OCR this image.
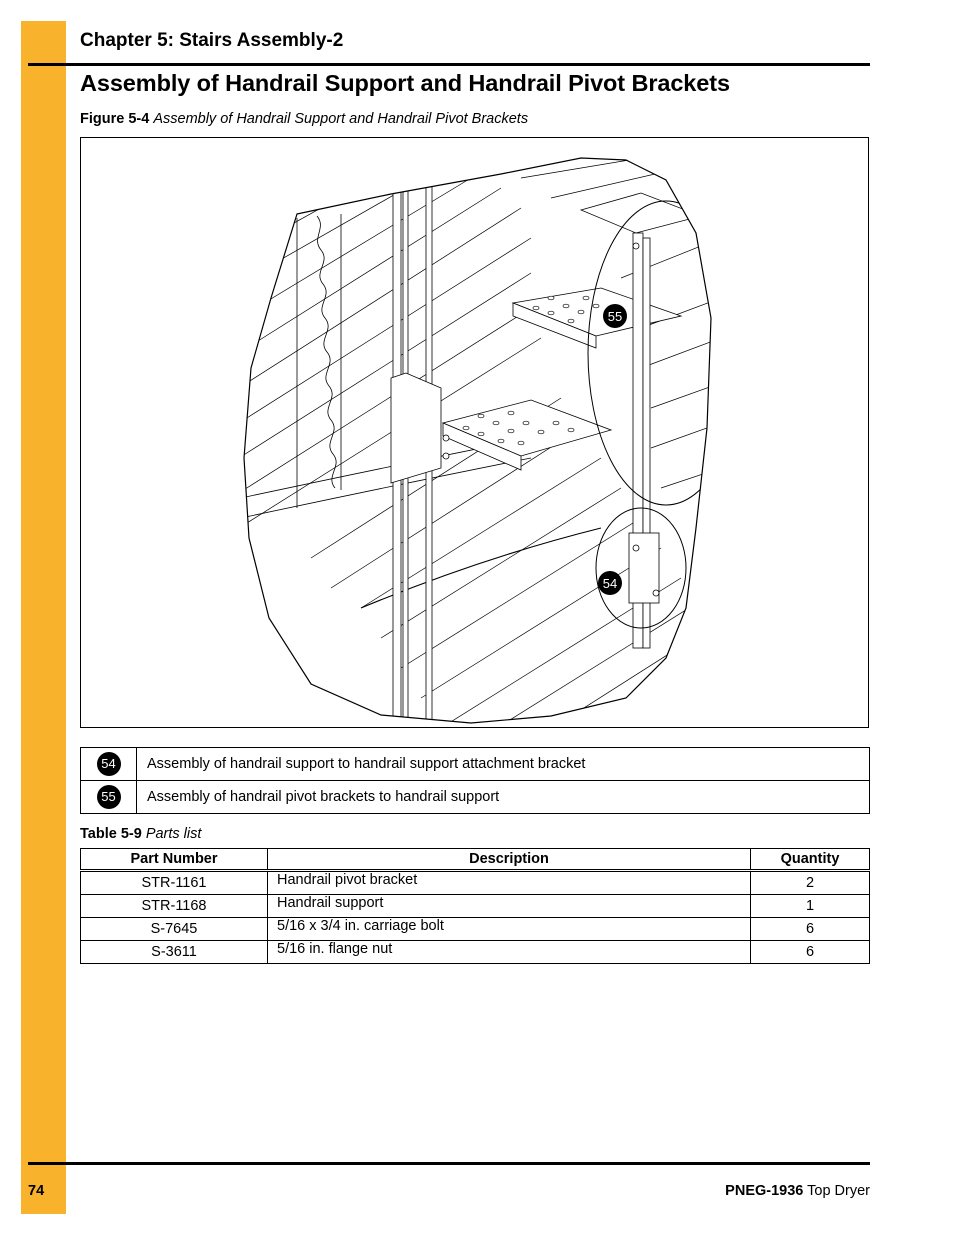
Chapter 5: Stairs Assembly-2
Assembly of Handrail Support and Handrail Pivot Brackets
Figure 5-4 Assembly of Handrail Support and Handrail Pivot Brackets
55
54
54	Assembly of handrail support to handrail support attachment bracket
55	Assembly of handrail pivot brackets to handrail support
Table 5-9 Parts list
Part Number	Description	Quantity
STR-1161	Handrail pivot bracket	2
STR-1168	Handrail support	1
S-7645	5/16 x 3/4 in. carriage bolt	6
S-3611	5/16 in. flange nut	6
74	PNEG-1936 Top Dryer
